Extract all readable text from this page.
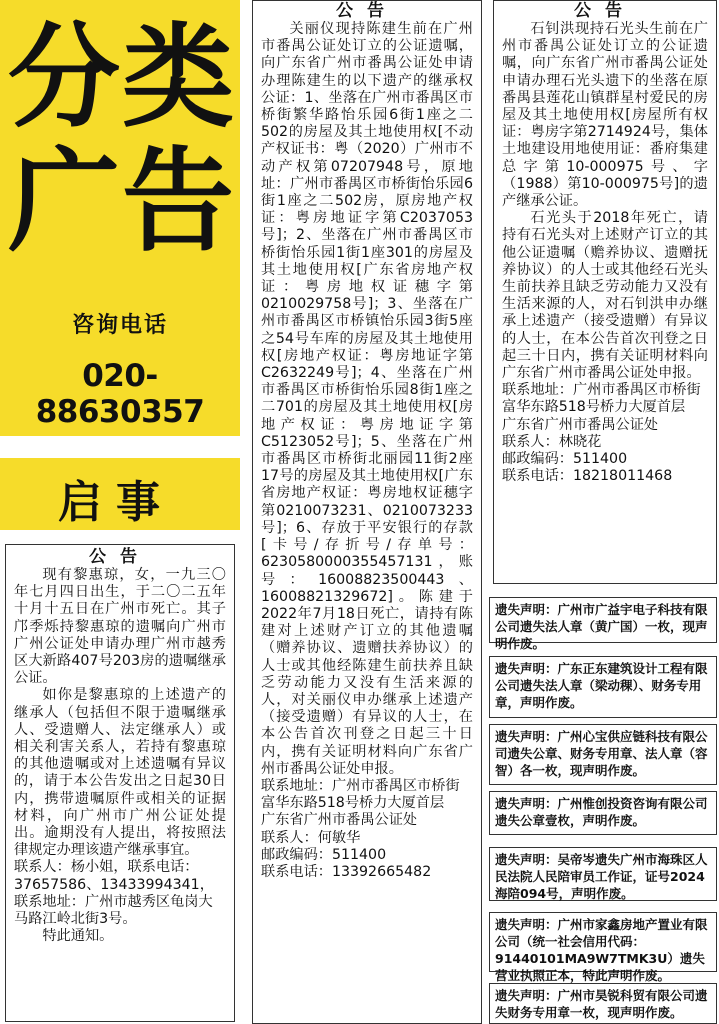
分 类
广 告
咨询电话
020-88630357
启事
公告

现有黎惠琼，女，一九三〇年七月四日出生，于二〇二五年十月十五日在广州市死亡。其子邝季烁持黎惠琼的遗嘱向广州市广州公证处申请办理广州市越秀区大新路407号203房的遗嘱继承公证。

如你是黎惠琼的上述遗产的继承人（包括但不限于遗嘱继承人、受遗赠人、法定继承人）或相关利害关系人，若持有黎惠琼的其他遗嘱或对上述遗嘱有异议的，请于本公告发出之日起30日内，携带遗嘱原件或相关的证据材料，向广州市广州公证处提出。逾期没有人提出，将按照法律规定办理该遗产继承事宜。

联系人：杨小姐，联系电话：37657586、13433994341，联系地址：广州市越秀区龟岗大马路江岭北街3号。

特此通知。

公告

关丽仪现持陈建生前在广州市番禺公证处订立的公证遗嘱，向广东省广州市番禺公证处申请办理陈建生的以下遗产的继承权公证：1、坐落在广州市番禺区市桥街繁华路怡乐园6街1座之二502的房屋及其土地使用权[不动产权证书：粤（2020）广州市不动产权第07207948号，原地址：广州市番禺区市桥街怡乐园6街1座之二502房，原房地产权证：粤房地证字第C2037053号]；2、坐落在广州市番禺区市桥街怡乐园1街1座301的房屋及其土地使用权[广东省房地产权证：粤房地权证穗字第0210029758号]；3、坐落在广州市番禺区市桥镇怡乐园3街5座之54号车库的房屋及其土地使用权[房地产权证：粤房地证字第C2632249号]；4、坐落在广州市番禺区市桥街怡乐园8街1座之二701的房屋及其土地使用权[房地产权证：粤房地证字第C5123052号]；5、坐落在广州市番禺区市桥街北丽园11街2座17号的房屋及其土地使用权[广东省房地产权证：粤房地权证穗字第0210073231、0210073233号]；6、存放于平安银行的存款[卡号/存折号/存单号：6230580000355457131，账号：16008823500443、16008821329672]。陈建于2022年7月18日死亡，请持有陈建对上述财产订立的其他遗嘱（赠养协议、遗赠扶养协议）的人士或其他经陈建生前扶养且缺乏劳动能力又没有生活来源的人，对关丽仪申办继承上述遗产（接受遗赠）有异议的人士，在本公告首次刊登之日起三十日内，携有关证明材料向广东省广州市番禺公证处申报。

联系地址：广州市番禺区市桥街富华东路518号桥力大厦首层

广东省广州市番禺公证处

联系人：何敏华

邮政编码：511400

联系电话：13392665482

公告

石钊洪现持石光头生前在广州市番禺公证处订立的公证遗嘱，向广东省广州市番禺公证处申请办理石光头遗下的坐落在原番禺县莲花山镇群星村爱民的房屋及其土地使用权[房屋所有权证：粤房字第2714924号，集体土地建设用地使用证：番府集建总字第10-000975号、字（1988）第10-000975号]的遗产继承公证。

石光头于2018年死亡，请持有石光头对上述财产订立的其他公证遗嘱（赡养协议、遗赠抚养协议）的人士或其他经石光头生前扶养且缺乏劳动能力又没有生活来源的人，对石钊洪申办继承上述遗产（接受遗赠）有异议的人士，在本公告首次刊登之日起三十日内，携有关证明材料向广东省广州市番禺公证处申报。

联系地址：广州市番禺区市桥街富华东路518号桥力大厦首层

广东省广州市番禺公证处

联系人：林晓花

邮政编码：511400

联系电话：18218011468

遗失声明：广州市广益宇电子科技有限公司遗失法人章（黄广国）一枚，现声明作废。
遗失声明：广东正东建筑设计工程有限公司遗失法人章（梁动稞）、财务专用章，声明作废。
遗失声明：广州心宝供应链科技有限公司遗失公章、财务专用章、法人章（容智）各一枚，现声明作废。
遗失声明：广州惟创投资咨询有限公司遗失公章壹枚，声明作废。
遗失声明：吴帝岑遗失广州市海珠区人民法院人民陪审员工作证，证号2024海陪094号，声明作废。
遗失声明：广州市家鑫房地产置业有限公司（统一社会信用代码：91440101MA9W7TMK3U）遗失营业执照正本，特此声明作废。
遗失声明：广州市昊锐科贸有限公司遗失财务专用章一枚，现声明作废。
